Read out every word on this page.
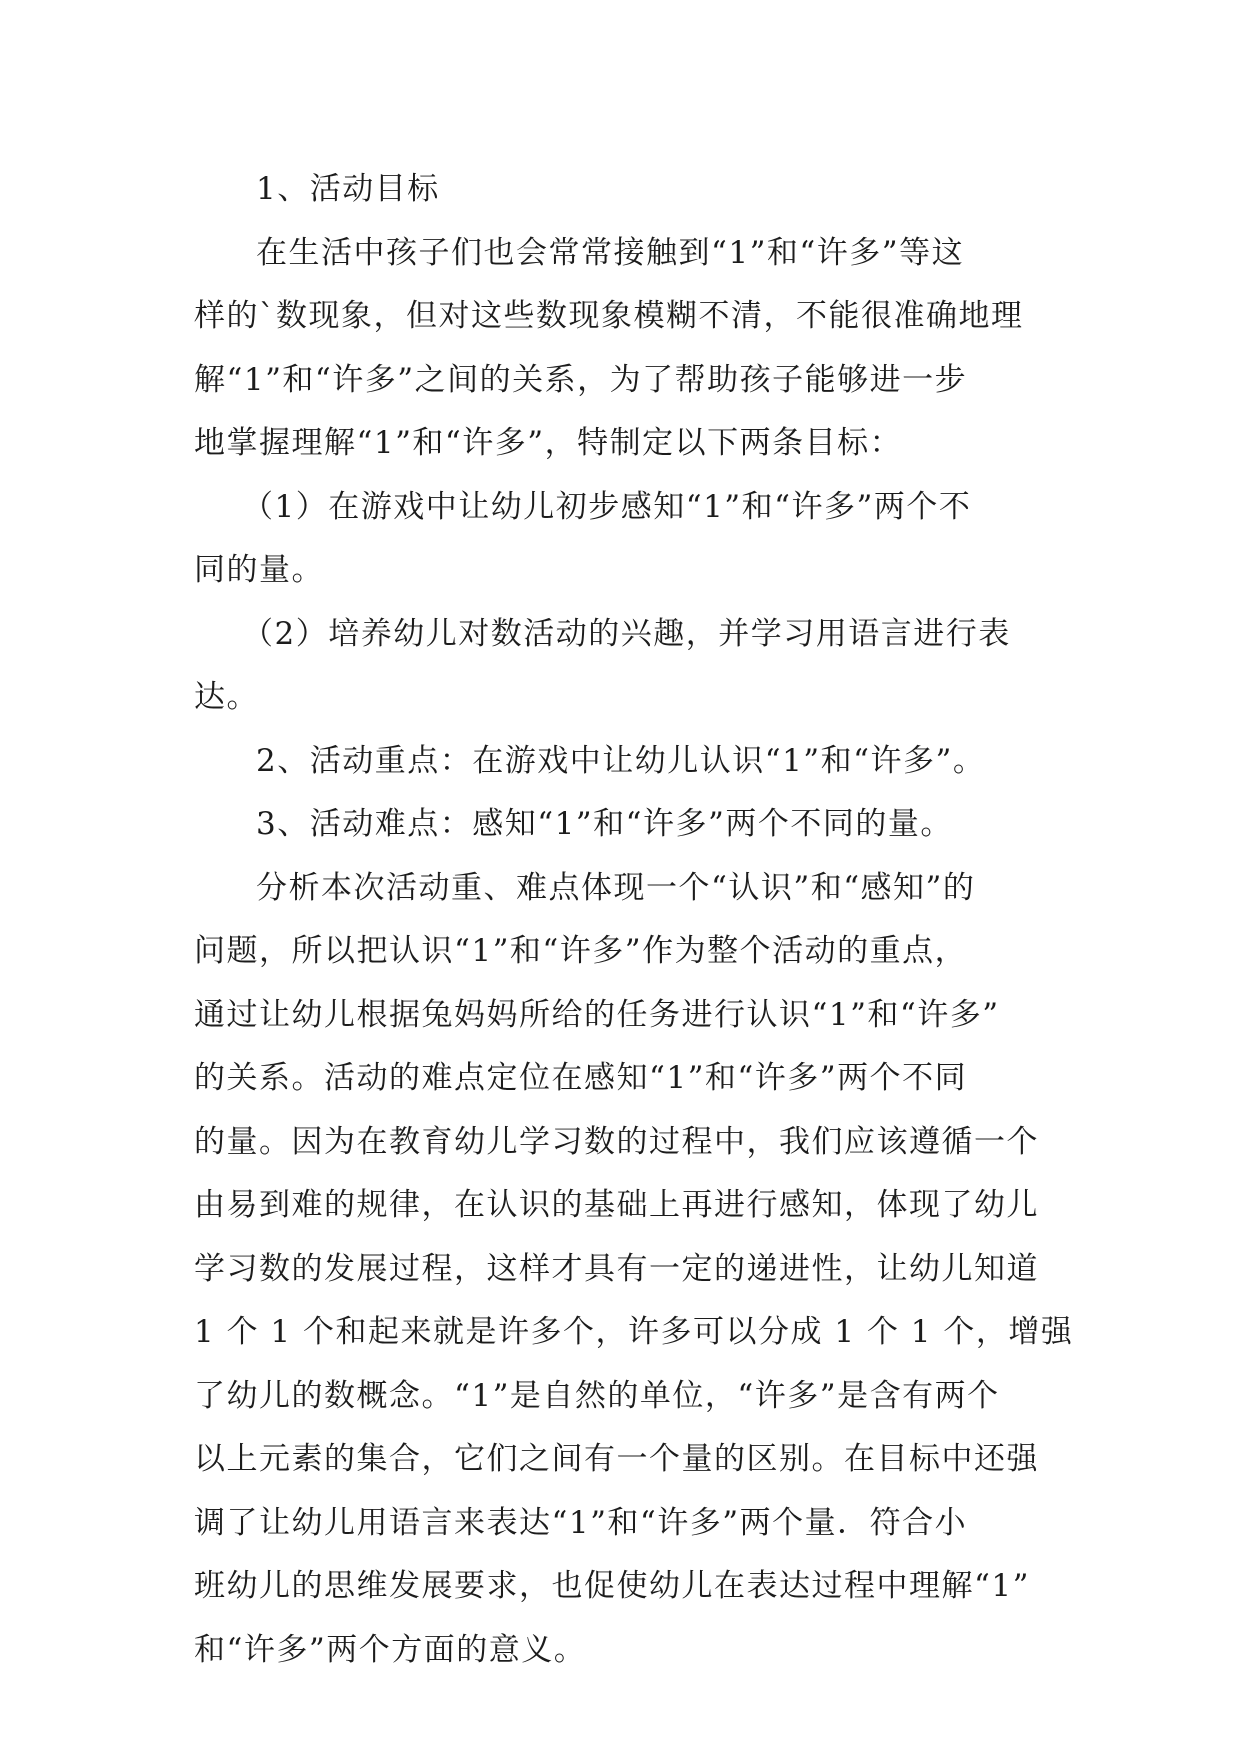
1、活动目标
在生活中孩子们也会常常接触到“1”和“许多”等这
样的`数现象，但对这些数现象模糊不清，不能很准确地理
解“1”和“许多”之间的关系，为了帮助孩子能够进一步
地掌握理解“1”和“许多”，特制定以下两条目标：
（1）在游戏中让幼儿初步感知“1”和“许多”两个不
同的量。
（2）培养幼儿对数活动的兴趣，并学习用语言进行表
达。
2、活动重点：在游戏中让幼儿认识“1”和“许多”。
3、活动难点：感知“1”和“许多”两个不同的量。
分析本次活动重、难点体现一个“认识”和“感知”的
问题，所以把认识“1”和“许多”作为整个活动的重点，
通过让幼儿根据兔妈妈所给的任务进行认识“1”和“许多”
的关系。活动的难点定位在感知“1”和“许多”两个不同
的量。因为在教育幼儿学习数的过程中，我们应该遵循一个
由易到难的规律，在认识的基础上再进行感知，体现了幼儿
学习数的发展过程，这样才具有一定的递进性，让幼儿知道
1 个 1 个和起来就是许多个，许多可以分成 1 个 1 个，增强
了幼儿的数概念。“1”是自然的单位，“许多”是含有两个
以上元素的集合，它们之间有一个量的区别。在目标中还强
调了让幼儿用语言来表达“1”和“许多”两个量．符合小
班幼儿的思维发展要求，也促使幼儿在表达过程中理解“1”
和“许多”两个方面的意义。
